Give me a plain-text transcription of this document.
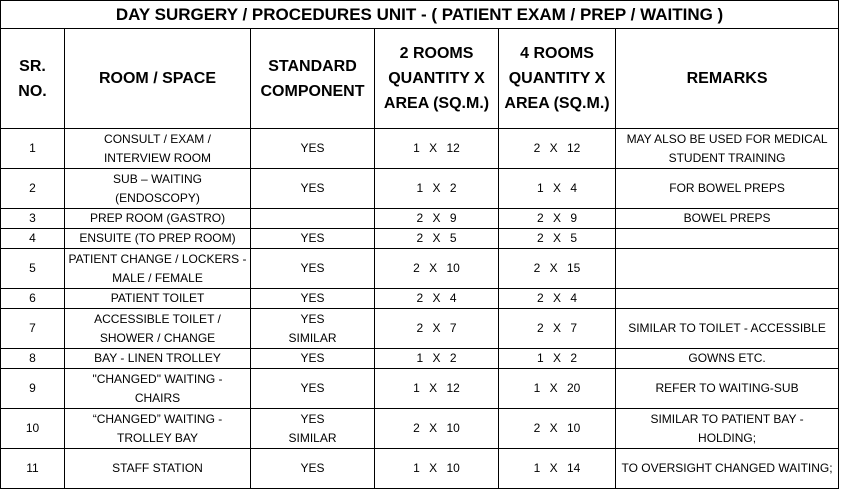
DAY SURGERY / PROCEDURES UNIT - ( PATIENT EXAM / PREP / WAITING )					
SR. NO.	ROOM / SPACE	STANDARD
COMPONENT	2 ROOMS
QUANTITY X
AREA (SQ.M.)	4 ROOMS
QUANTITY X
AREA (SQ.M.)	REMARKS
1	CONSULT / EXAM /
INTERVIEW ROOM	YES	1 X 12	2 X 12	MAY ALSO BE USED FOR MEDICAL
STUDENT TRAINING
2	SUB – WAITING
(ENDOSCOPY)	YES	1 X 2	1 X 4	FOR BOWEL PREPS
3	PREP ROOM (GASTRO)		2 X 9	2 X 9	BOWEL PREPS
4	ENSUITE (TO PREP ROOM)	YES	2 X 5	2 X 5	
5	PATIENT CHANGE / LOCKERS -
MALE / FEMALE	YES	2 X 10	2 X 15	
6	PATIENT TOILET	YES	2 X 4	2 X 4	
7	ACCESSIBLE TOILET /
SHOWER / CHANGE	YES
SIMILAR	2 X 7	2 X 7	SIMILAR TO TOILET - ACCESSIBLE
8	BAY - LINEN TROLLEY	YES	1 X 2	1 X 2	GOWNS ETC.
9	"CHANGED" WAITING -
CHAIRS	YES	1 X 12	1 X 20	REFER TO WAITING-SUB
10	“CHANGED” WAITING -
TROLLEY BAY	YES
SIMILAR	2 X 10	2 X 10	SIMILAR TO PATIENT BAY -
HOLDING;
11	STAFF STATION	YES	1 X 10	1 X 14	TO OVERSIGHT CHANGED WAITING;
